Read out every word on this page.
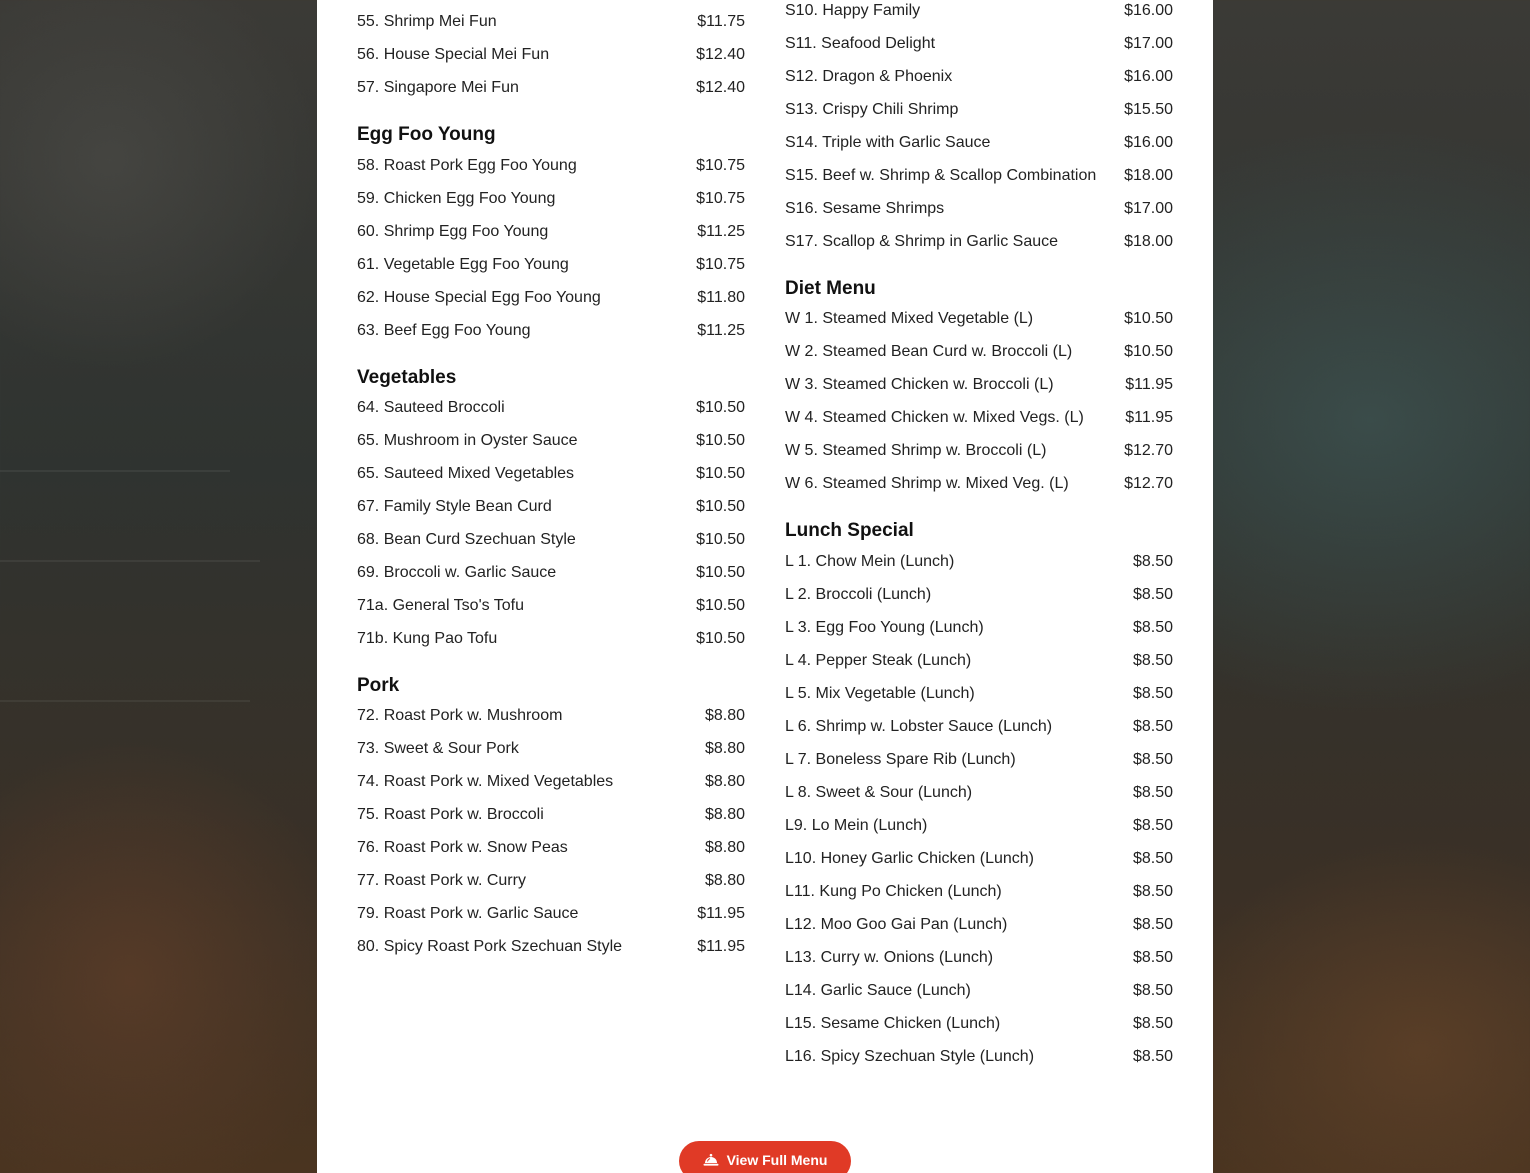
55. Shrimp Mei Fun	$11.75
56. House Special Mei Fun	$12.40
57. Singapore Mei Fun	$12.40
Egg Foo Young
58. Roast Pork Egg Foo Young	$10.75
59. Chicken Egg Foo Young	$10.75
60. Shrimp Egg Foo Young	$11.25
61. Vegetable Egg Foo Young	$10.75
62. House Special Egg Foo Young	$11.80
63. Beef Egg Foo Young	$11.25
Vegetables
64. Sauteed Broccoli	$10.50
65. Mushroom in Oyster Sauce	$10.50
65. Sauteed Mixed Vegetables	$10.50
67. Family Style Bean Curd	$10.50
68. Bean Curd Szechuan Style	$10.50
69. Broccoli w. Garlic Sauce	$10.50
71a. General Tso's Tofu	$10.50
71b. Kung Pao Tofu	$10.50
Pork
72. Roast Pork w. Mushroom	$8.80
73. Sweet & Sour Pork	$8.80
74. Roast Pork w. Mixed Vegetables	$8.80
75. Roast Pork w. Broccoli	$8.80
76. Roast Pork w. Snow Peas	$8.80
77. Roast Pork w. Curry	$8.80
79. Roast Pork w. Garlic Sauce	$11.95
80. Spicy Roast Pork Szechuan Style	$11.95
S10. Happy Family	$16.00
S11. Seafood Delight	$17.00
S12. Dragon & Phoenix	$16.00
S13. Crispy Chili Shrimp	$15.50
S14. Triple with Garlic Sauce	$16.00
S15. Beef w. Shrimp & Scallop Combination $18.00
S16. Sesame Shrimps	$17.00
S17. Scallop & Shrimp in Garlic Sauce	$18.00
Diet Menu
W 1. Steamed Mixed Vegetable (L)	$10.50
W 2. Steamed Bean Curd w. Broccoli (L)	$10.50
W 3. Steamed Chicken w. Broccoli (L)	$11.95
W 4. Steamed Chicken w. Mixed Vegs. (L)	$11.95
W 5. Steamed Shrimp w. Broccoli (L)	$12.70
W 6. Steamed Shrimp w. Mixed Veg. (L)	$12.70
Lunch Special
L 1. Chow Mein (Lunch)	$8.50
L 2. Broccoli (Lunch)	$8.50
L 3. Egg Foo Young (Lunch)	$8.50
L 4. Pepper Steak (Lunch)	$8.50
L 5. Mix Vegetable (Lunch)	$8.50
L 6. Shrimp w. Lobster Sauce (Lunch)	$8.50
L 7. Boneless Spare Rib (Lunch)	$8.50
L 8. Sweet & Sour (Lunch)	$8.50
L9. Lo Mein (Lunch)	$8.50
L10. Honey Garlic Chicken (Lunch)	$8.50
L11. Kung Po Chicken (Lunch)	$8.50
L12. Moo Goo Gai Pan (Lunch)	$8.50
L13. Curry w. Onions (Lunch)	$8.50
L14. Garlic Sauce (Lunch)	$8.50
L15. Sesame Chicken (Lunch)	$8.50
L16. Spicy Szechuan Style (Lunch)	$8.50
View Full Menu
